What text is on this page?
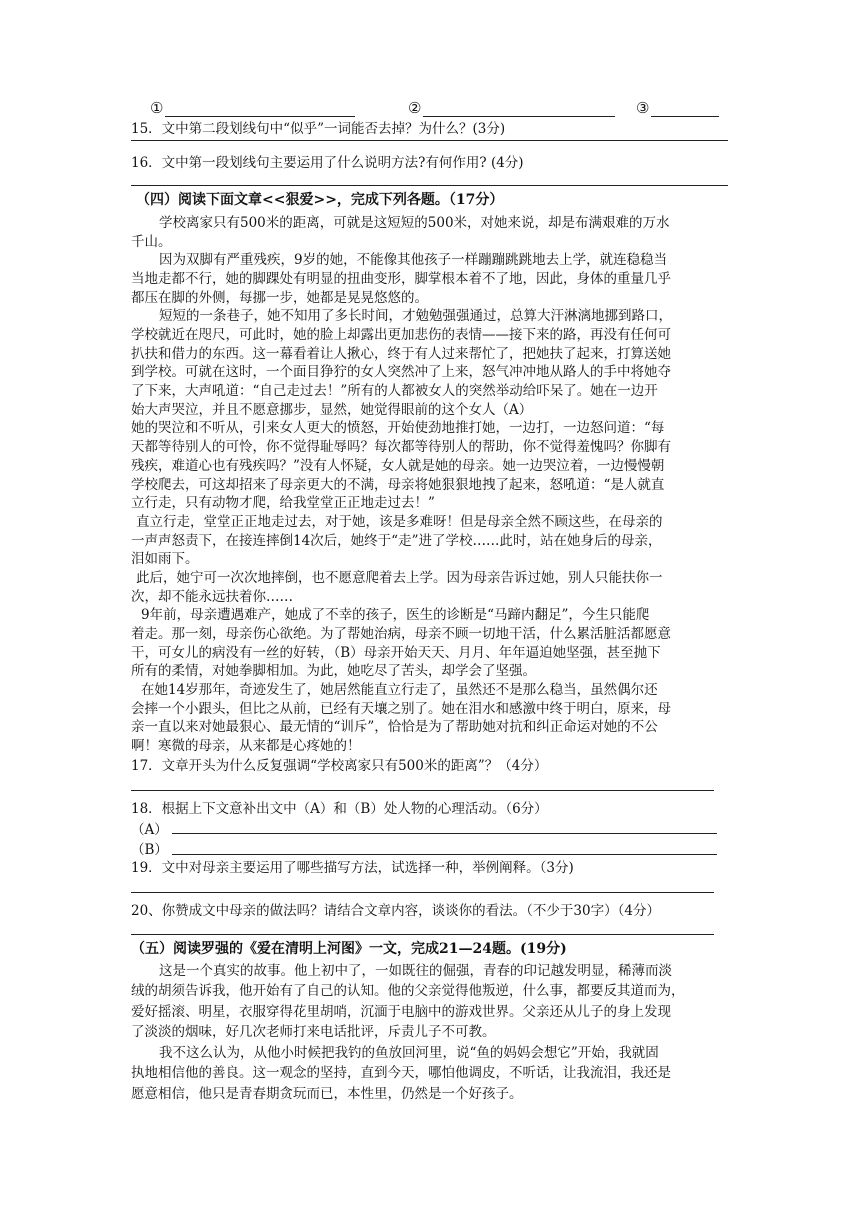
①	②	③
15．文中第二段划线句中“似乎”一词能否去掉？为什么？(3分)
16．文中第一段划线句主要运用了什么说明方法?有何作用? (4分)
（四）阅读下面文章<<狠爱>>，完成下列各题。（17分）
学校离家只有500米的距离，可就是这短短的500米，对她来说，却是布满艰难的万水
千山。
因为双脚有严重残疾，9岁的她，不能像其他孩子一样蹦蹦跳跳地去上学，就连稳稳当
当地走都不行，她的脚踝处有明显的扭曲变形，脚掌根本着不了地，因此，身体的重量几乎
都压在脚的外侧，每挪一步，她都是晃晃悠悠的。
短短的一条巷子，她不知用了多长时间，才勉勉强强通过，总算大汗淋漓地挪到路口，
学校就近在咫尺，可此时，她的脸上却露出更加悲伤的表情——接下来的路，再没有任何可
扒扶和借力的东西。这一幕看着让人揪心，终于有人过来帮忙了，把她扶了起来，打算送她
到学校。可就在这时，一个面目狰狞的女人突然冲了上来，怒气冲冲地从路人的手中将她夺
了下来，大声吼道：“自己走过去！”所有的人都被女人的突然举动给吓呆了。她在一边开
始大声哭泣，并且不愿意挪步，显然，她觉得眼前的这个女人（A）
她的哭泣和不听从，引来女人更大的愤怒，开始使劲地推打她，一边打，一边怒问道：“每
天都等待别人的可怜，你不觉得耻辱吗？每次都等待别人的帮助，你不觉得羞愧吗？你脚有
残疾，难道心也有残疾吗？”没有人怀疑，女人就是她的母亲。她一边哭泣着，一边慢慢朝
学校爬去，可这却招来了母亲更大的不满，母亲将她狠狠地拽了起来，怒吼道：“是人就直
立行走，只有动物才爬，给我堂堂正正地走过去！”
直立行走，堂堂正正地走过去，对于她，该是多难呀！但是母亲全然不顾这些，在母亲的
一声声怒责下，在接连摔倒14次后，她终于“走”进了学校……此时，站在她身后的母亲，
泪如雨下。
此后，她宁可一次次地摔倒，也不愿意爬着去上学。因为母亲告诉过她，别人只能扶你一
次，却不能永远扶着你……
9年前，母亲遭遇难产，她成了不幸的孩子，医生的诊断是“马蹄内翻足”，今生只能爬
着走。那一刻，母亲伤心欲绝。为了帮她治病，母亲不顾一切地干活，什么累活脏活都愿意
干，可女儿的病没有一丝的好转，（B）母亲开始天天、月月、年年逼迫她坚强，甚至抛下
所有的柔情，对她拳脚相加。为此，她吃尽了苦头，却学会了坚强。
在她14岁那年，奇迹发生了，她居然能直立行走了，虽然还不是那么稳当，虽然偶尔还
会摔一个小跟头，但比之从前，已经有天壤之别了。她在泪水和感激中终于明白，原来，母
亲一直以来对她最狠心、最无情的“训斥”，恰恰是为了帮助她对抗和纠正命运对她的不公
啊！寒微的母亲，从来都是心疼她的！
17．文章开头为什么反复强调“学校离家只有500米的距离”？（4分）
18．根据上下文意补出文中（A）和（B）处人物的心理活动。（6分）
（A）
（B）
19．文中对母亲主要运用了哪些描写方法，试选择一种，举例阐释。（3分)
20、你赞成文中母亲的做法吗？请结合文章内容，谈谈你的看法。（不少于30字）（4分）
（五）阅读罗强的《爱在清明上河图》一文，完成21—24题。(19分)
这是一个真实的故事。他上初中了，一如既往的倔强，青春的印记越发明显，稀薄而淡
绒的胡须告诉我，他开始有了自己的认知。他的父亲觉得他叛逆，什么事，都要反其道而为，
爱好摇滚、明星，衣服穿得花里胡哨，沉湎于电脑中的游戏世界。父亲还从儿子的身上发现
了淡淡的烟味，好几次老师打来电话批评，斥责儿子不可教。
我不这么认为，从他小时候把我钓的鱼放回河里，说“鱼的妈妈会想它”开始，我就固
执地相信他的善良。这一观念的坚持，直到今天，哪怕他调皮，不听话，让我流泪，我还是
愿意相信，他只是青春期贪玩而已，本性里，仍然是一个好孩子。
